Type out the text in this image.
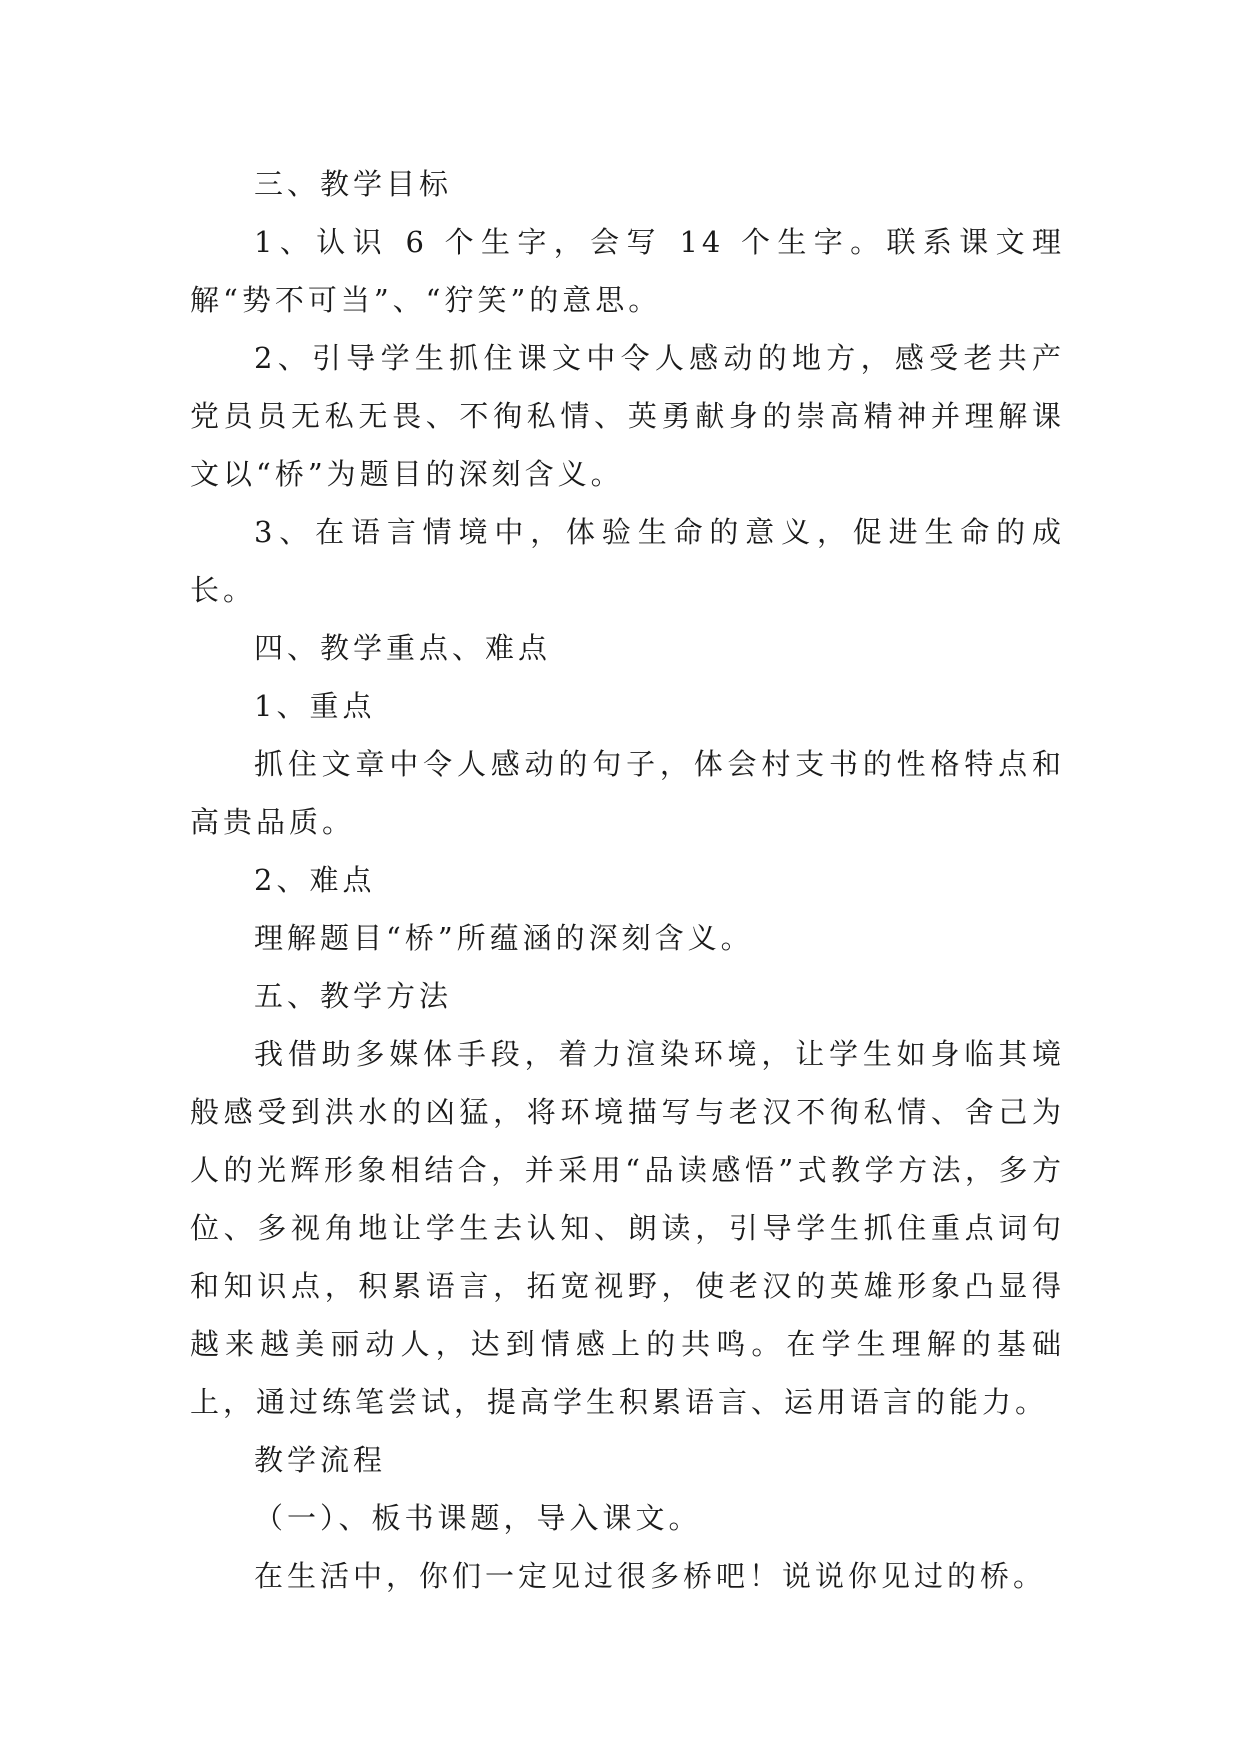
三、教学目标

1、认识 6 个生字，会写 14 个生字。联系课文理解“势不可当”、“狞笑”的意思。

2、引导学生抓住课文中令人感动的地方，感受老共产党员员无私无畏、不徇私情、英勇献身的崇高精神并理解课文以“桥”为题目的深刻含义。

3、在语言情境中，体验生命的意义，促进生命的成长。

四、教学重点、难点

1、重点

抓住文章中令人感动的句子，体会村支书的性格特点和高贵品质。

2、难点

理解题目“桥”所蕴涵的深刻含义。

五、教学方法

我借助多媒体手段，着力渲染环境，让学生如身临其境般感受到洪水的凶猛，将环境描写与老汉不徇私情、舍己为人的光辉形象相结合，并采用“品读感悟”式教学方法，多方位、多视角地让学生去认知、朗读，引导学生抓住重点词句和知识点，积累语言，拓宽视野，使老汉的英雄形象凸显得越来越美丽动人，达到情感上的共鸣。在学生理解的基础上，通过练笔尝试，提高学生积累语言、运用语言的能力。

教学流程

（一）、板书课题，导入课文。

在生活中，你们一定见过很多桥吧！说说你见过的桥。
